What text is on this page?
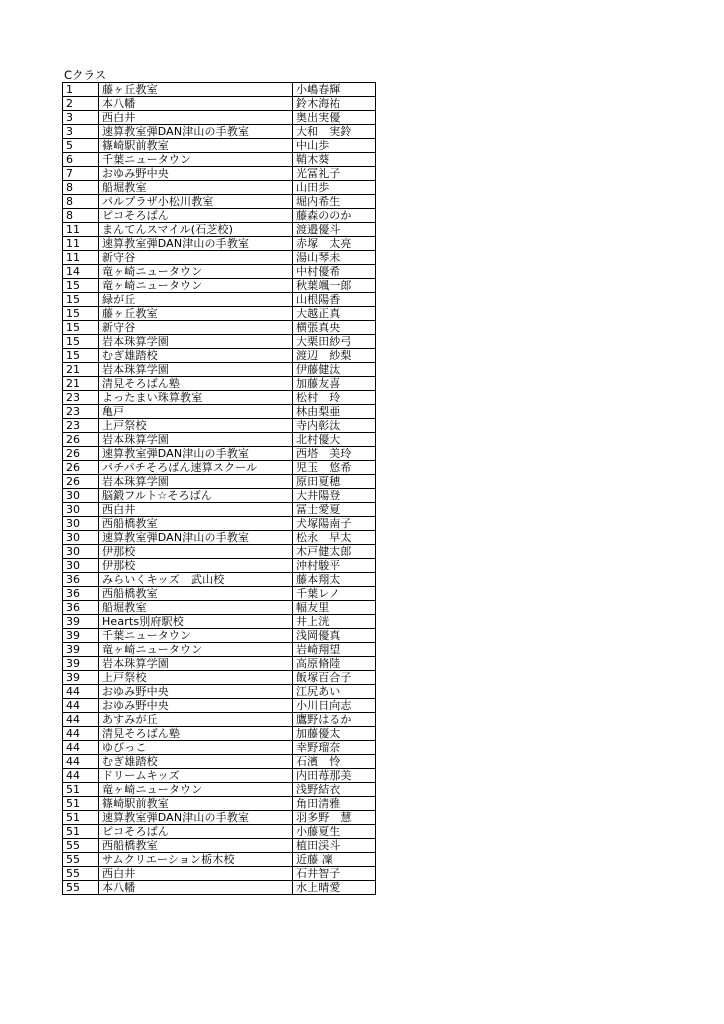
Cクラス
1	藤ヶ丘教室	小嶋春輝
2	本八幡	鈴木海祐
3	西白井	奥出実優
3	速算教室弾DAN津山の手教室	大和　実鈴
5	篠崎駅前教室	中山歩
6	千葉ニュータウン	鞘木葵
7	おゆみ野中央	光冨礼子
8	船堀教室	山田歩
8	パルプラザ小松川教室	堀内希生
8	ピコそろばん	藤森ののか
11	まんてんスマイル(石芝校)	渡邉優斗
11	速算教室弾DAN津山の手教室	赤塚　太亮
11	新守谷	湯山琴未
14	竜ヶ崎ニュータウン	中村優希
15	竜ヶ崎ニュータウン	秋葉颯一郎
15	緑が丘	山根陽香
15	藤ヶ丘教室	大越正真
15	新守谷	横張真央
15	岩本珠算学園	大栗田紗弓
15	むぎ雄踏校	渡辺　紗梨
21	岩本珠算学園	伊藤健汰
21	清見そろばん塾	加藤友喜
23	よったまい珠算教室	松村　玲
23	亀戸	林由梨亜
23	上戸祭校	寺内彰汰
26	岩本珠算学園	北村優大
26	速算教室弾DAN津山の手教室	西塔　美玲
26	パチパチそろばん速算スクール	児玉　悠希
26	岩本珠算学園	原田夏穂
30	脳鍛フルト☆そろばん	大井陽登
30	西白井	冨士愛夏
30	西船橋教室	犬塚陽南子
30	速算教室弾DAN津山の手教室	松永　早太
30	伊那校	木戸健太郎
30	伊那校	沖村駿平
36	みらいくキッズ　武山校	藤本翔太
36	西船橋教室	千葉レノ
36	船堀教室	幅友里
39	Hearts別府駅校	井上洸
39	千葉ニュータウン	浅岡優真
39	竜ヶ崎ニュータウン	岩崎翔望
39	岩本珠算学園	高原脩陸
39	上戸祭校	飯塚百合子
44	おゆみ野中央	江尻あい
44	おゆみ野中央	小川日向志
44	あすみが丘	鷹野はるか
44	清見そろばん塾	加藤優太
44	ゆびっこ	幸野瑠奈
44	むぎ雄踏校	石濱　怜
44	ドリームキッズ	内田苺那美
51	竜ヶ崎ニュータウン	浅野結衣
51	篠崎駅前教室	角田清雅
51	速算教室弾DAN津山の手教室	羽多野　慧
51	ピコそろばん	小藤夏生
55	西船橋教室	植田渓斗
55	サムクリエーション栃木校	近藤 凜
55	西白井	石井智子
55	本八幡	水上晴愛
